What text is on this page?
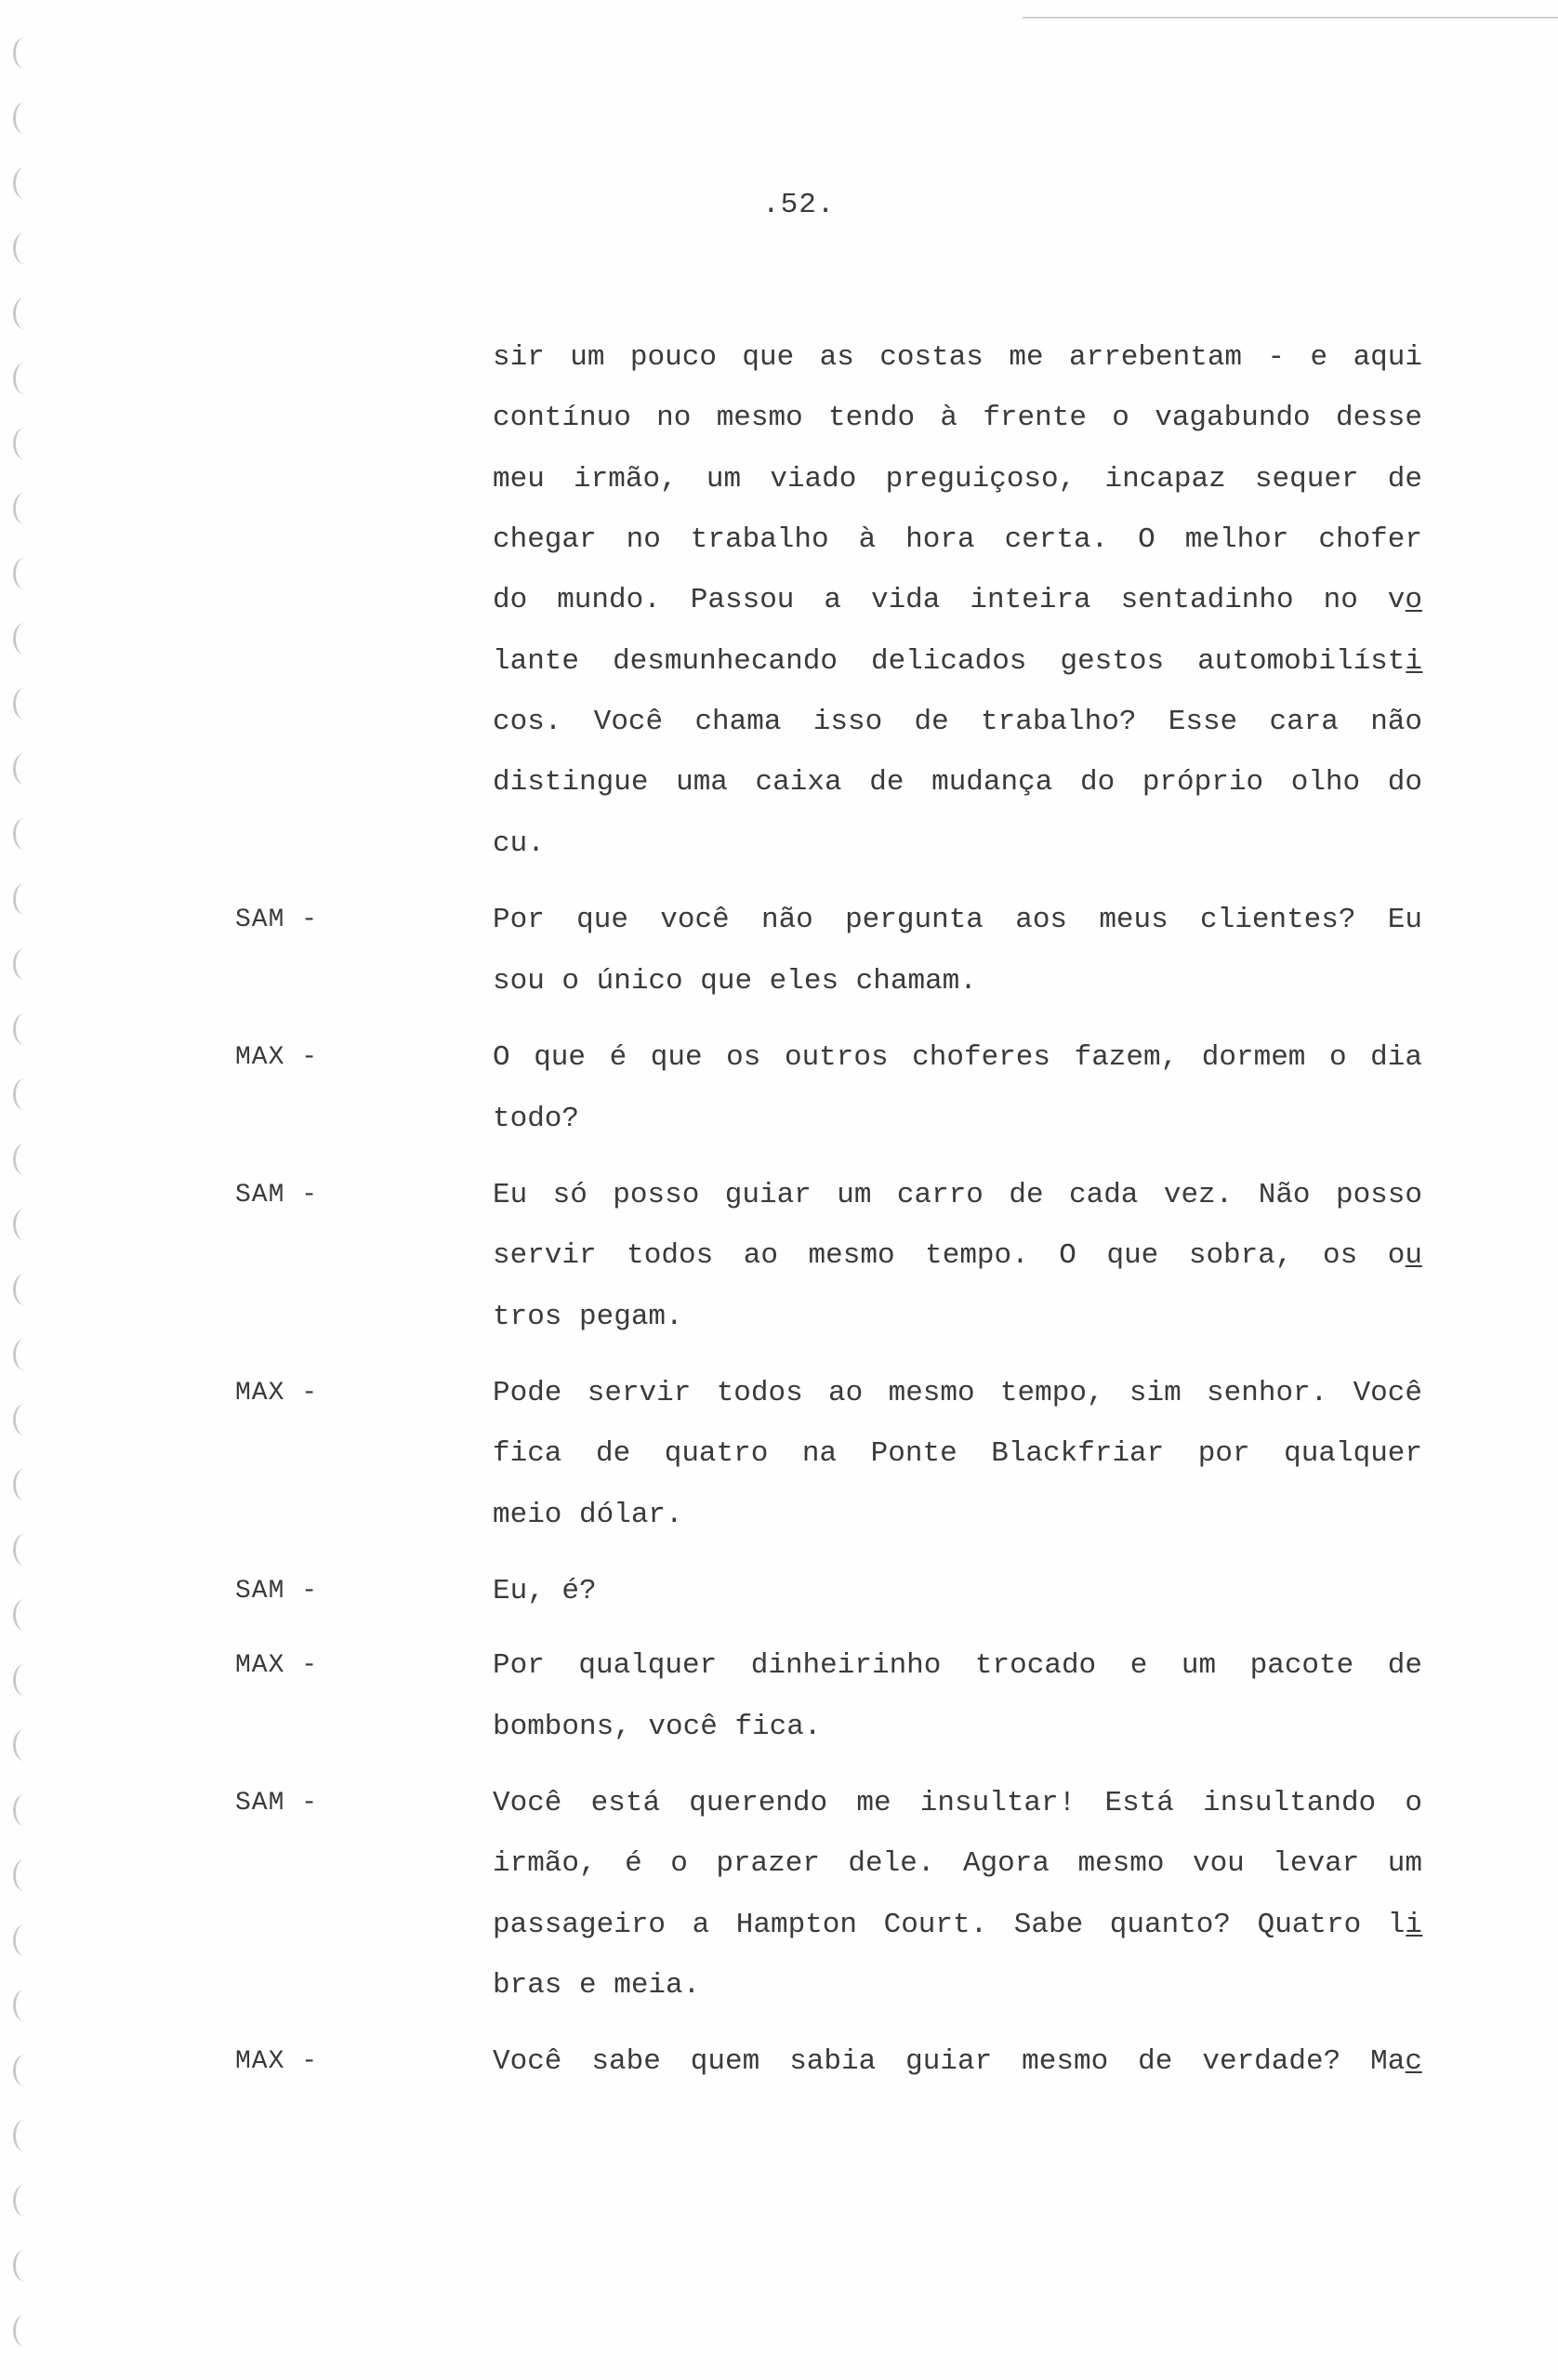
.52.
sir um pouco que as costas me arrebentam - e aqui
contínuo no mesmo tendo à frente o vagabundo desse
meu irmão, um viado preguiçoso, incapaz sequer de
chegar no trabalho à hora certa. O melhor chofer
do mundo. Passou a vida inteira sentadinho no vo̲
lante desmunhecando delicados gestos automobilísti̲
cos. Você chama isso de trabalho? Esse cara não
distingue uma caixa de mudança do próprio olho do
cu.
SAM -	Por que você não pergunta aos meus clientes? Eu
sou o único que eles chamam.
MAX -	O que é que os outros choferes fazem, dormem o dia
todo?
SAM -	Eu só posso guiar um carro de cada vez. Não posso
servir todos ao mesmo tempo. O que sobra, os ou̲
tros pegam.
MAX -	Pode servir todos ao mesmo tempo, sim senhor. Você
fica de quatro na Ponte Blackfriar por qualquer
meio dólar.
SAM -	Eu, é?
MAX -	Por qualquer dinheirinho trocado e um pacote de
bombons, você fica.
SAM -	Você está querendo me insultar! Está insultando o
irmão, é o prazer dele. Agora mesmo vou levar um
passageiro a Hampton Court. Sabe quanto? Quatro li̲
bras e meia.
MAX -	Você sabe quem sabia guiar mesmo de verdade? Mac̲
